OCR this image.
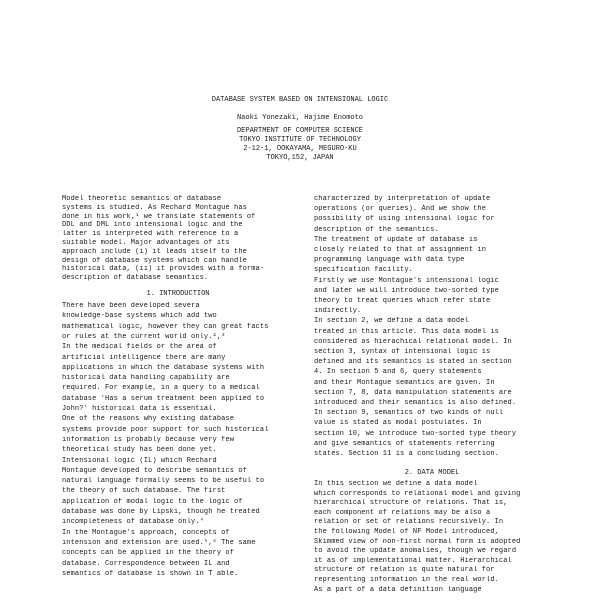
DATABASE SYSTEM BASED ON INTENSIONAL LOGIC
Naoki Yonezaki, Hajime Enomoto
DEPARTMENT OF COMPUTER SCIENCE
TOKYO INSTITUTE OF TECHNOLOGY
2-12-1, OOKAYAMA, MEGURO-KU
TOKYO,152, JAPAN
Model theoretic semantics of database
systems is studied. As Rechard Montague has
done in his work,¹ we translate statements of
DDL and DML into intensional logic and the
latter is interpreted with reference to a
suitable model. Major advantages of its
approach include (i) it leads itself to the
design of database systems which can handle
historical data, (ii) it provides with a forma-
description of database semantics.
1. INTRODUCTION
There have been developed severa
knowledge-base systems which add two
mathematical logic, however they can great facts
or rules at the current world only.²,³
In the medical fields or the area of
artificial intelligence there are many
applications in which the database systems with
historical data handling capability are
required. For example, in a query to a medical
database 'Has a serum treatment been applied to
John?' historical data is essential.
One of the reasons why existing database
systems provide poor support for such historical
information is probably because very few
theoretical study has been done yet.
Intensional logic (IL) which Rechard
Montague developed to describe semantics of
natural language formally seems to be useful to
the theory of such database. The first
application of modal logic to the logic of
database was done by Lipski, though he treated
incompleteness of database only.⁴
In the Montague's approach, concepts of
intension and extension are used.⁵,⁶ The same
concepts can be applied in the theory of
database. Correspondence between IL and
semantics of database is shown in T able.
characterized by interpretation of update
operations (or queries). And we show the
possibility of using intensional logic for
description of the semantics.
The treatment of update of database is
closely related to that of assignment in
programming language with data type
specification facility.
Firstly we use Montague's intensional logic
and later we will introduce two-sorted type
theory to treat queries which refer state
indirectly.
In section 2, we define a data model
treated in this article. This data model is
considered as hierachical relational model. In
section 3, syntax of intensional logic is
defined and its semantics is stated in section
4. In section 5 and 6, query statements
and their Montague semantics are given. In
section 7, 8, data manipulation statements are
introduced and their semantics is also defined.
In section 9, semantics of two kinds of null
value is stated as modal postulates. In
section 10, we introduce two-sorted type theory
and give semantics of statements referring
states. Section 11 is a concluding section.
2. DATA MODEL
In this section we define a data model
which corresponds to relational model and giving
hierarchical structure of relations. That is,
each component of relations may be also a
relation or set of relations recursively. In
the following Model of NF Model introduced,
Skimmed view of non-first normal form is adopted
to avoid the update anomalies, though we regard
it as of implementational matter. Hierarchical
structure of relation is quite natural for
representing information in the real world.
As a part of a data definition language
